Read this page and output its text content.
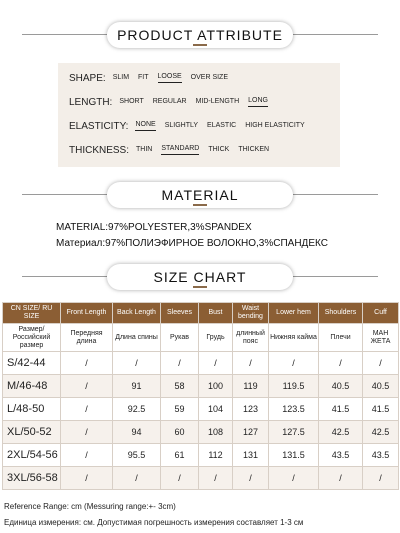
PRODUCT ATTRIBUTE
SHAPE: SLIM FIT LOOSE OVER SIZE
LENGTH: SHORT REGULAR MID-LENGTH LONG
ELASTICITY: NONE SLIGHTLY ELASTIC HIGH ELASTICITY
THICKNESS: THIN STANDARD THICK THICKEN
MATERIAL
MATERIAL:97%POLYESTER,3%SPANDEX
Материал:97%ПОЛИЭФИРНОЕ ВОЛОКНО,3%СПАНДЕКС
SIZE CHART
CN SIZE/ RU SIZE	Front Length	Back Length	Sleeves	Bust	Waist bending	Lower hem	Shoulders	Cuff
Размер/ Российский размер	Передняя длина	Длина спины	Рукав	Грудь	длинный пояс	Нижняя кайма	Плечи	МАН ЖЕТА
S/42-44	/	/	/	/	/	/	/	/
M/46-48	/	91	58	100	119	119.5	40.5	40.5
L/48-50	/	92.5	59	104	123	123.5	41.5	41.5
XL/50-52	/	94	60	108	127	127.5	42.5	42.5
2XL/54-56	/	95.5	61	112	131	131.5	43.5	43.5
3XL/56-58	/	/	/	/	/	/	/	/
Reference Range: cm (Messuring range:+- 3cm)
Единица измерения: см. Допустимая погрешность измерения составляет 1-3 см
